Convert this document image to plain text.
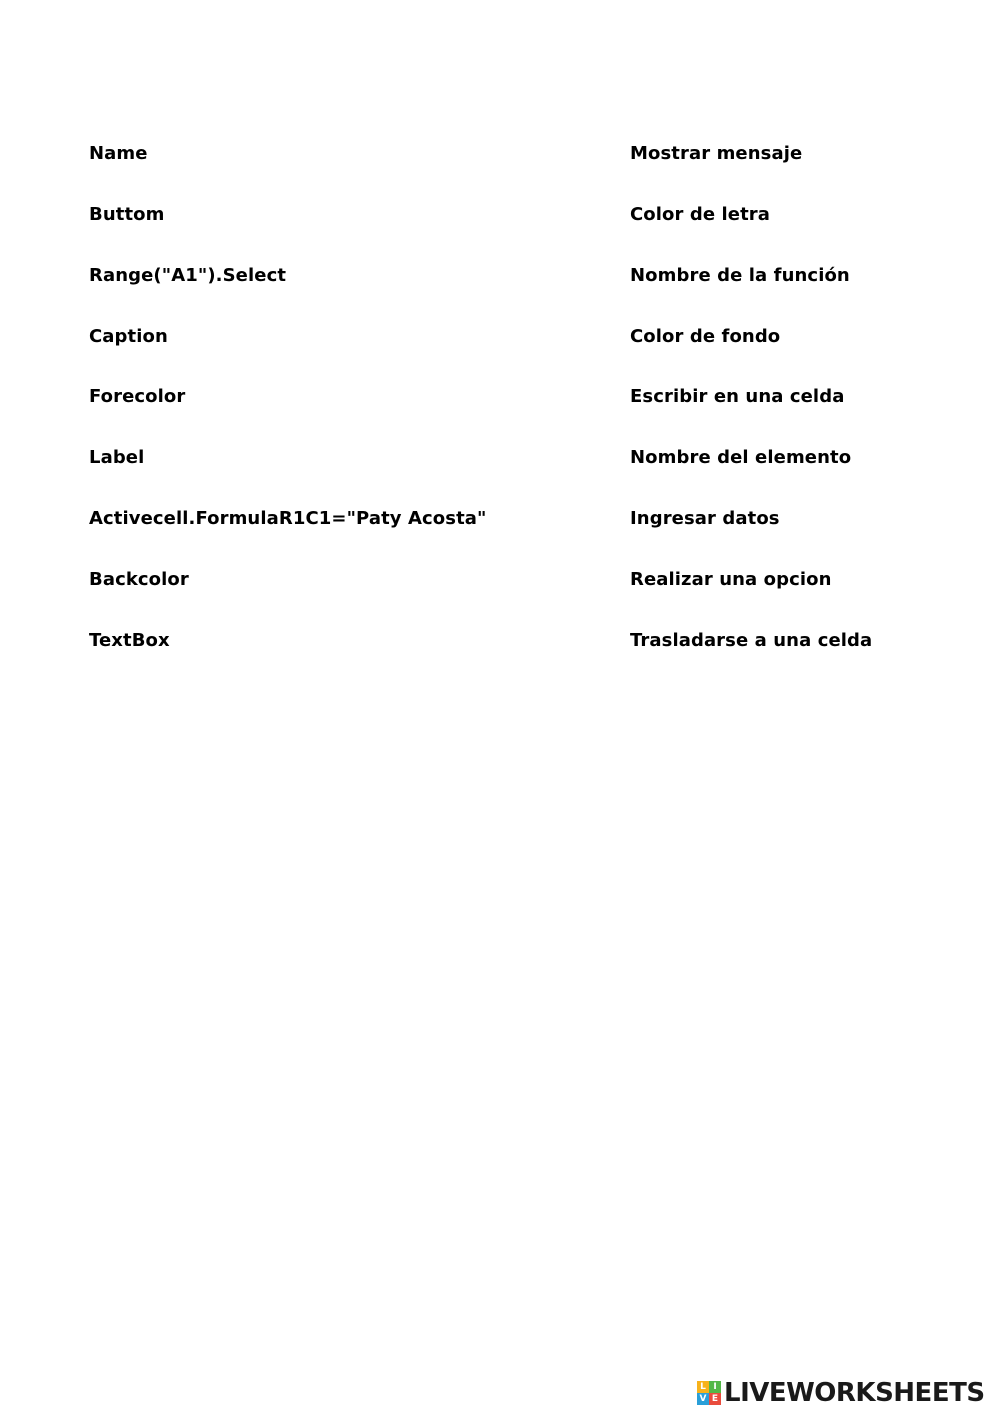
Name
Buttom
Range("A1").Select
Caption
Forecolor
Label
Activecell.FormulaR1C1="Paty Acosta"
Backcolor
TextBox
Mostrar mensaje
Color de letra
Nombre de la función
Color de fondo
Escribir en una celda
Nombre del elemento
Ingresar datos
Realizar una opcion
Trasladarse a una celda
L I
V E LIVEWORKSHEETS
